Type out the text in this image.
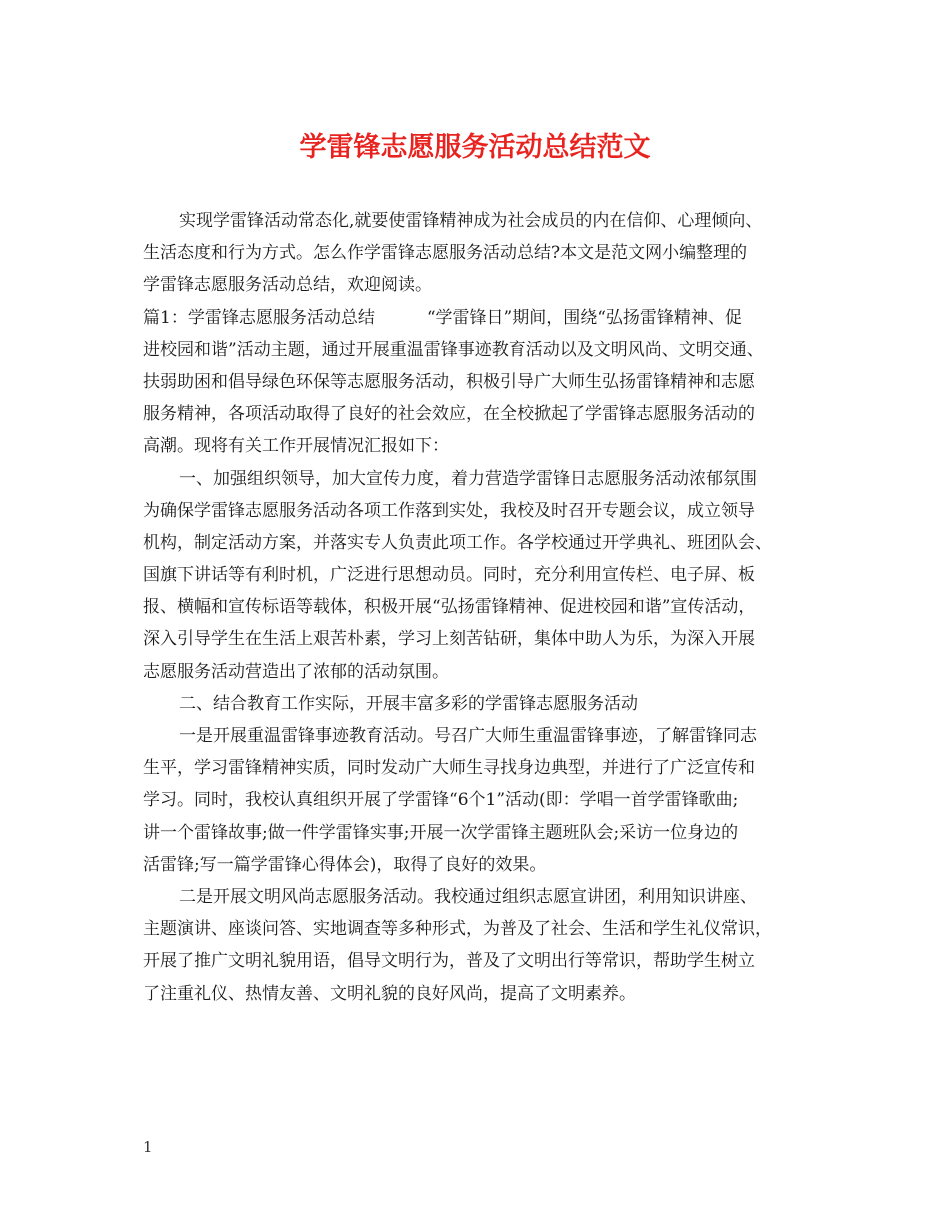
学雷锋志愿服务活动总结范文
实现学雷锋活动常态化,就要使雷锋精神成为社会成员的内在信仰、心理倾向、
生活态度和行为方式。怎么作学雷锋志愿服务活动总结?本文是范文网小编整理的
学雷锋志愿服务活动总结，欢迎阅读。
篇1：学雷锋志愿服务活动总结	“学雷锋日”期间，围绕“弘扬雷锋精神、促
进校园和谐”活动主题，通过开展重温雷锋事迹教育活动以及文明风尚、文明交通、
扶弱助困和倡导绿色环保等志愿服务活动，积极引导广大师生弘扬雷锋精神和志愿
服务精神，各项活动取得了良好的社会效应，在全校掀起了学雷锋志愿服务活动的
高潮。现将有关工作开展情况汇报如下：
一、加强组织领导，加大宣传力度，着力营造学雷锋日志愿服务活动浓郁氛围
为确保学雷锋志愿服务活动各项工作落到实处，我校及时召开专题会议，成立领导
机构，制定活动方案，并落实专人负责此项工作。各学校通过开学典礼、班团队会、
国旗下讲话等有利时机，广泛进行思想动员。同时，充分利用宣传栏、电子屏、板
报、横幅和宣传标语等载体，积极开展“弘扬雷锋精神、促进校园和谐”宣传活动，
深入引导学生在生活上艰苦朴素，学习上刻苦钻研，集体中助人为乐，为深入开展
志愿服务活动营造出了浓郁的活动氛围。
二、结合教育工作实际，开展丰富多彩的学雷锋志愿服务活动
一是开展重温雷锋事迹教育活动。号召广大师生重温雷锋事迹，了解雷锋同志
生平，学习雷锋精神实质，同时发动广大师生寻找身边典型，并进行了广泛宣传和
学习。同时，我校认真组织开展了学雷锋“6个1”活动(即：学唱一首学雷锋歌曲;
讲一个雷锋故事;做一件学雷锋实事;开展一次学雷锋主题班队会;采访一位身边的
活雷锋;写一篇学雷锋心得体会)，取得了良好的效果。
二是开展文明风尚志愿服务活动。我校通过组织志愿宣讲团，利用知识讲座、
主题演讲、座谈问答、实地调查等多种形式，为普及了社会、生活和学生礼仪常识，
开展了推广文明礼貌用语，倡导文明行为，普及了文明出行等常识，帮助学生树立
了注重礼仪、热情友善、文明礼貌的良好风尚，提高了文明素养。
1
